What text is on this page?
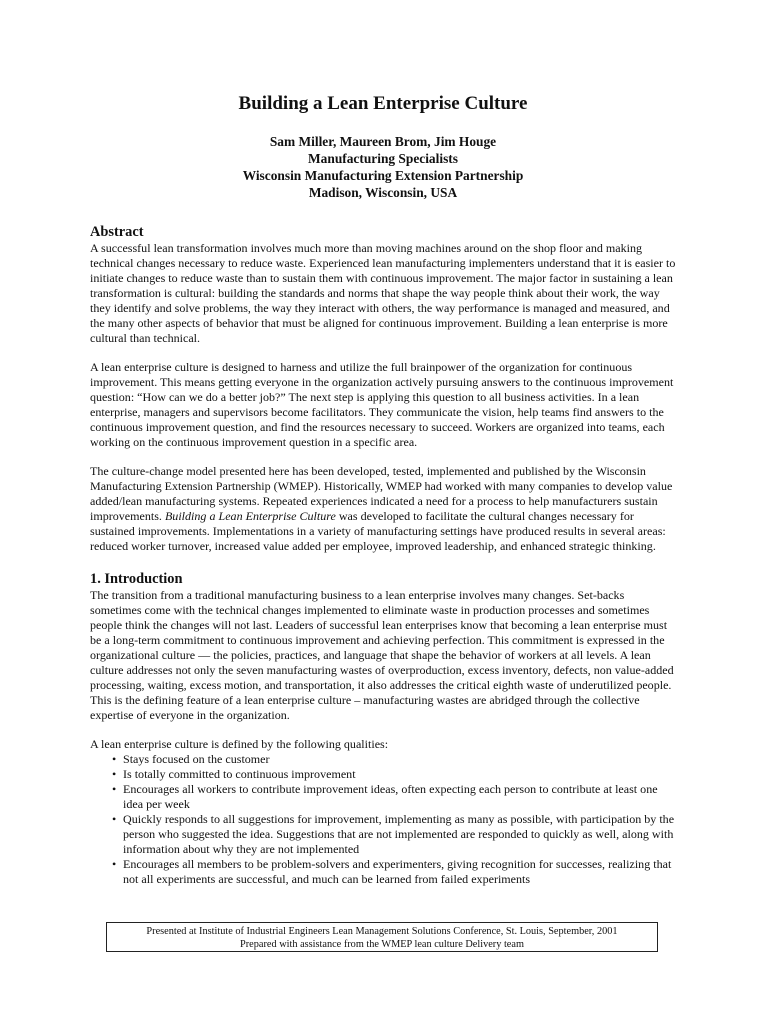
Building a Lean Enterprise Culture
Sam Miller, Maureen Brom, Jim Houge
Manufacturing Specialists
Wisconsin Manufacturing Extension Partnership
Madison, Wisconsin, USA
Abstract

A successful lean transformation involves much more than moving machines around on the shop floor and making technical changes necessary to reduce waste. Experienced lean manufacturing implementers understand that it is easier to initiate changes to reduce waste than to sustain them with continuous improvement. The major factor in sustaining a lean transformation is cultural: building the standards and norms that shape the way people think about their work, the way they identify and solve problems, the way they interact with others, the way performance is managed and measured, and the many other aspects of behavior that must be aligned for continuous improvement. Building a lean enterprise is more cultural than technical.

A lean enterprise culture is designed to harness and utilize the full brainpower of the organization for continuous improvement. This means getting everyone in the organization actively pursuing answers to the continuous improvement question: “How can we do a better job?” The next step is applying this question to all business activities. In a lean enterprise, managers and supervisors become facilitators. They communicate the vision, help teams find answers to the continuous improvement question, and find the resources necessary to succeed. Workers are organized into teams, each working on the continuous improvement question in a specific area.

The culture-change model presented here has been developed, tested, implemented and published by the Wisconsin Manufacturing Extension Partnership (WMEP). Historically, WMEP had worked with many companies to develop value added/lean manufacturing systems. Repeated experiences indicated a need for a process to help manufacturers sustain improvements. Building a Lean Enterprise Culture was developed to facilitate the cultural changes necessary for sustained improvements. Implementations in a variety of manufacturing settings have produced results in several areas: reduced worker turnover, increased value added per employee, improved leadership, and enhanced strategic thinking.

1. Introduction

The transition from a traditional manufacturing business to a lean enterprise involves many changes. Set-backs sometimes come with the technical changes implemented to eliminate waste in production processes and sometimes people think the changes will not last. Leaders of successful lean enterprises know that becoming a lean enterprise must be a long-term commitment to continuous improvement and achieving perfection. This commitment is expressed in the organizational culture — the policies, practices, and language that shape the behavior of workers at all levels. A lean culture addresses not only the seven manufacturing wastes of overproduction, excess inventory, defects, non value-added processing, waiting, excess motion, and transportation, it also addresses the critical eighth waste of underutilized people. This is the defining feature of a lean enterprise culture – manufacturing wastes are abridged through the collective expertise of everyone in the organization.

A lean enterprise culture is defined by the following qualities:

• Stays focused on the customer
• Is totally committed to continuous improvement
• Encourages all workers to contribute improvement ideas, often expecting each person to contribute at least one idea per week
• Quickly responds to all suggestions for improvement, implementing as many as possible, with participation by the person who suggested the idea. Suggestions that are not implemented are responded to quickly as well, along with information about why they are not implemented
• Encourages all members to be problem-solvers and experimenters, giving recognition for successes, realizing that not all experiments are successful, and much can be learned from failed experiments
Presented at Institute of Industrial Engineers Lean Management Solutions Conference, St. Louis, September, 2001
Prepared with assistance from the WMEP lean culture Delivery team
